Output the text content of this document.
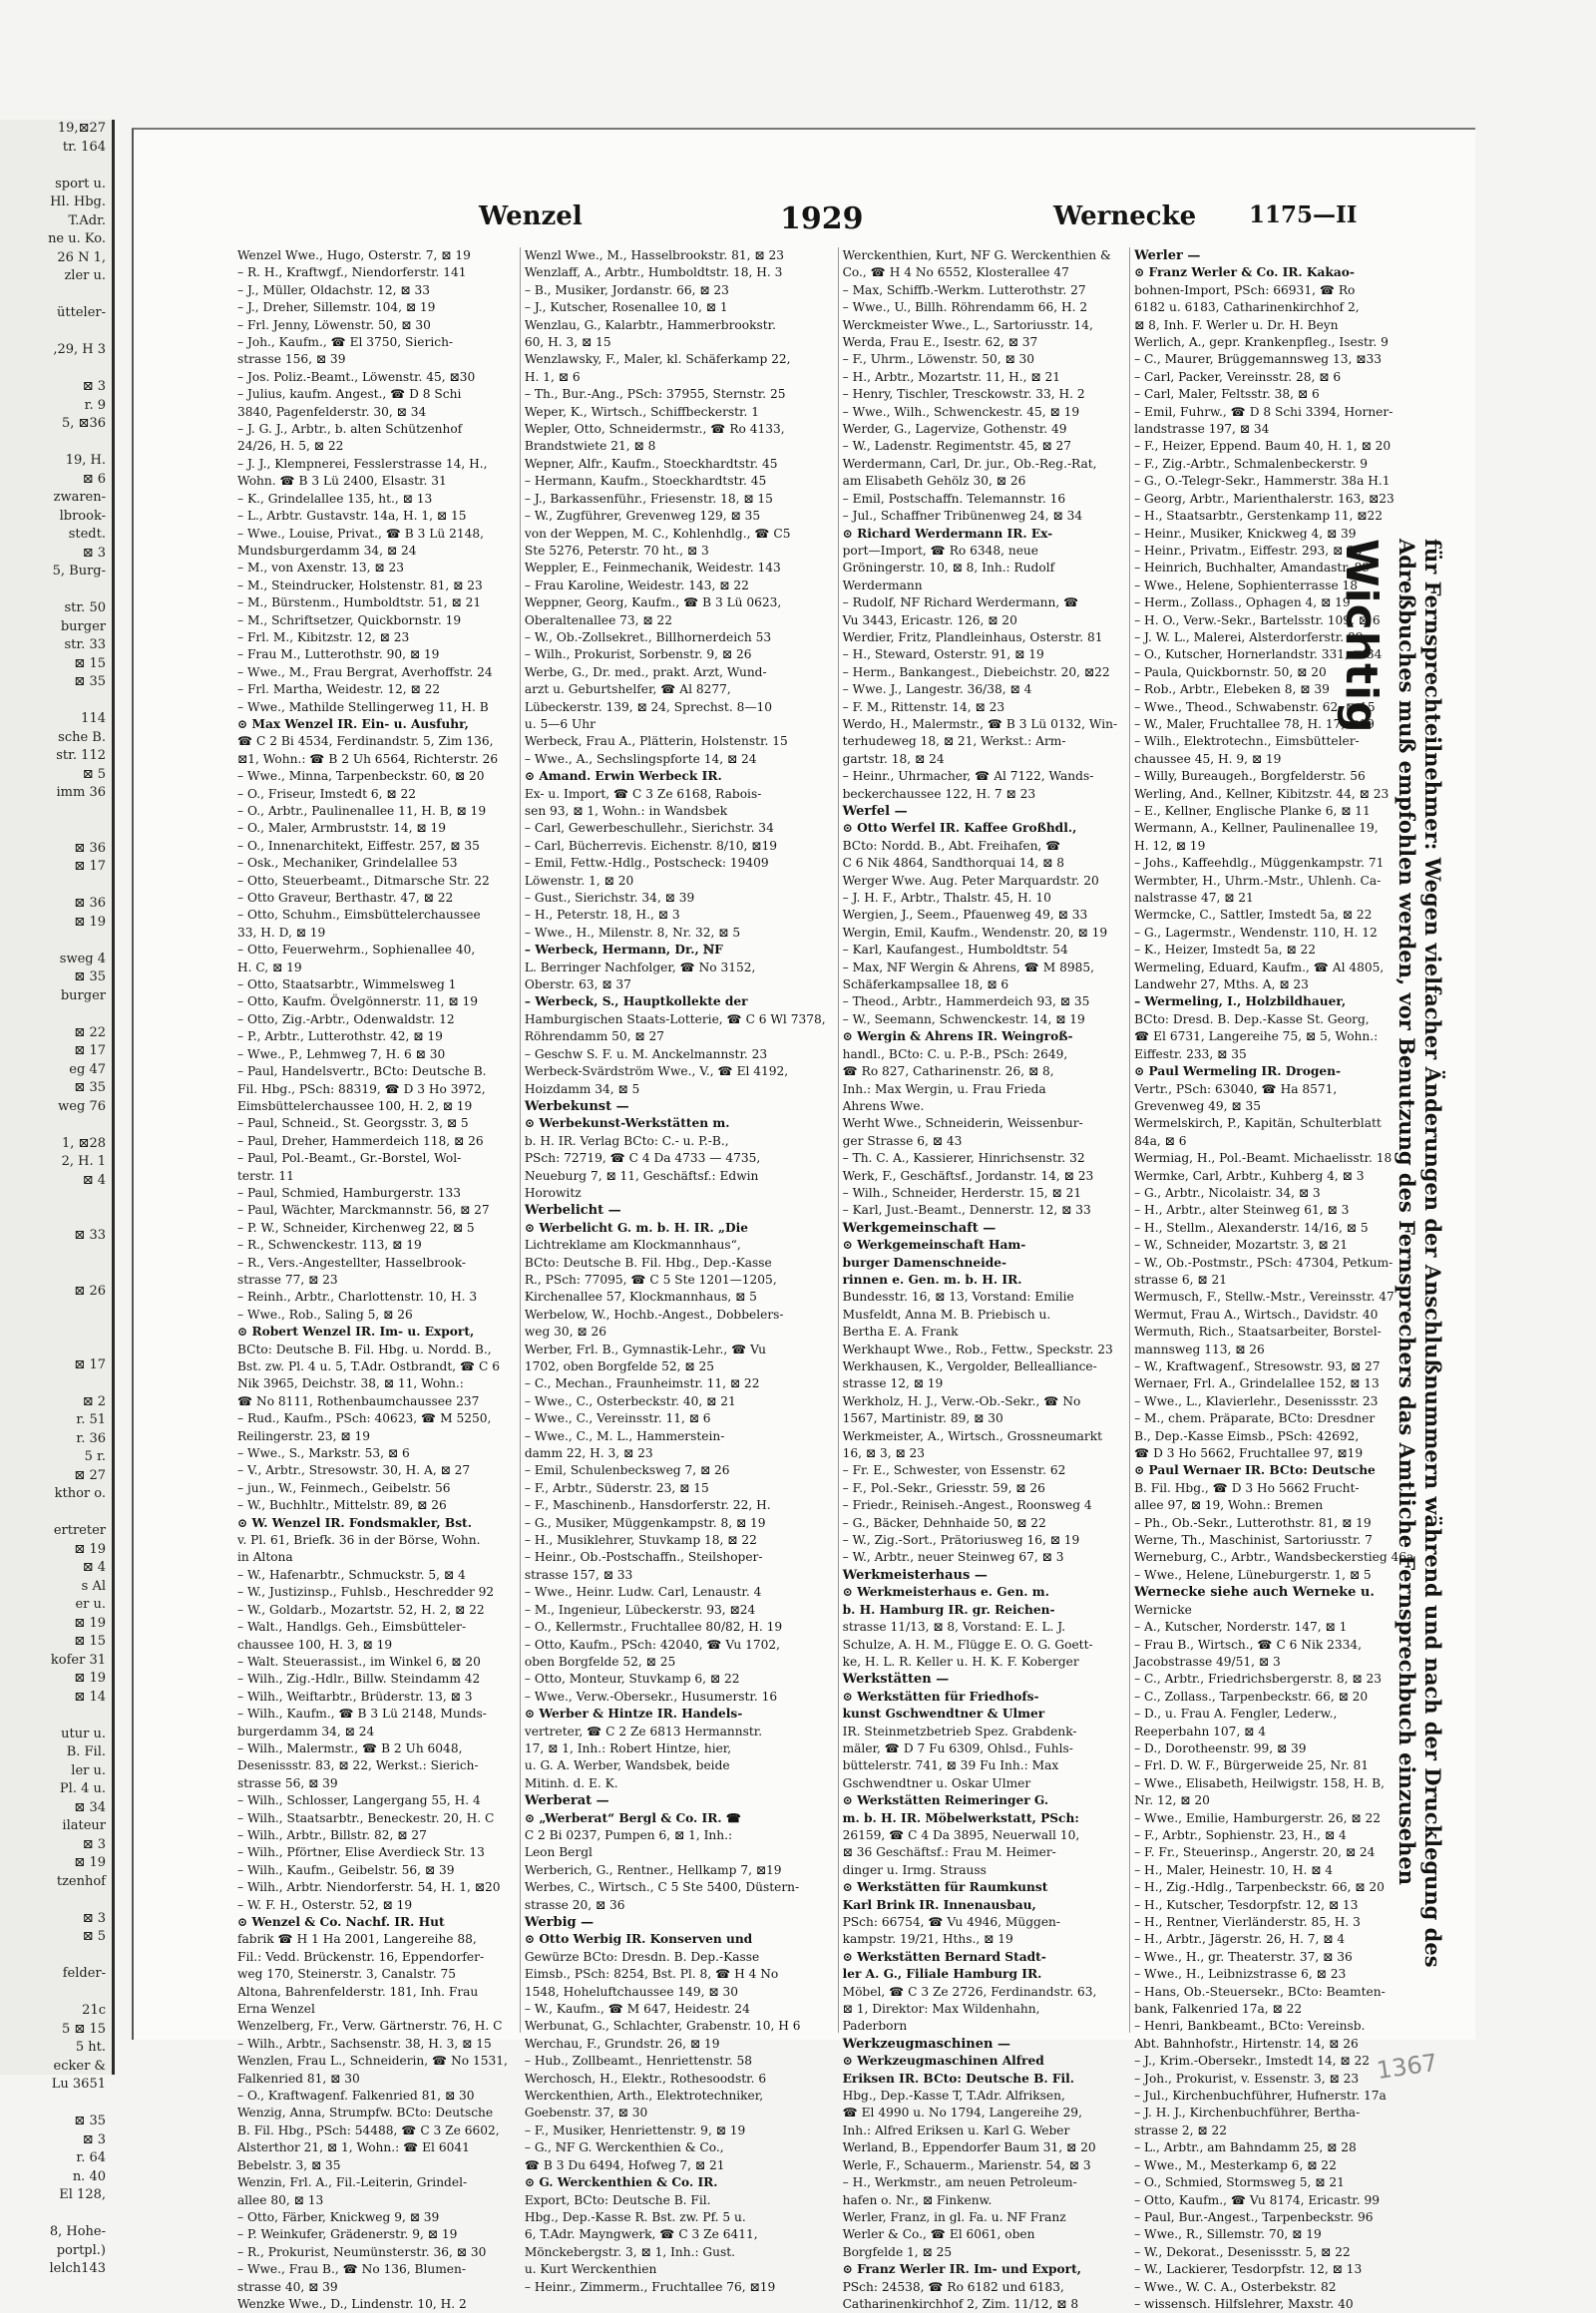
19,⊠27
tr. 164

sport u.
Hl. Hbg.
T.Adr.
ne u. Ko.
26 N 1,
zler u.

ütteler-

,29, H 3

⊠ 3
r. 9
5, ⊠36

19, H.
⊠ 6
zwaren-
lbrook-
stedt.
⊠ 3
5, Burg-

str. 50
burger
str. 33
⊠ 15
⊠ 35

114
sche B.
str. 112
⊠ 5
imm 36

⊠ 36
⊠ 17

⊠ 36
⊠ 19

sweg 4
⊠ 35
burger

⊠ 22
⊠ 17
eg 47
⊠ 35
weg 76

1, ⊠28
2, H. 1
⊠ 4

⊠ 33

⊠ 26

⊠ 17

⊠ 2
r. 51
r. 36
5 r.
⊠ 27
kthor o.

ertreter
⊠ 19
⊠ 4
s Al
er u.
⊠ 19
⊠ 15
kofer 31
⊠ 19
⊠ 14

utur u.
B. Fil.
ler u.
Pl. 4 u.
⊠ 34
ilateur
⊠ 3
⊠ 19
tzenhof

⊠ 3
⊠ 5

felder-

21c
5 ⊠ 15
5 ht.
ecker &
Lu 3651

⊠ 35
⊠ 3
r. 64
n. 40
El 128,

8, Hohe-
portpl.)
lelch143
Wenzel	1929	Wernecke 1175—II
Wenzel Wwe., Hugo, Osterstr. 7, ⊠ 19
– R. H., Kraftwgf., Niendorferstr. 141
– J., Müller, Oldachstr. 12, ⊠ 33
– J., Dreher, Sillemstr. 104, ⊠ 19
– Frl. Jenny, Löwenstr. 50, ⊠ 30
– Joh., Kaufm., ☎ El 3750, Sierich-
strasse 156, ⊠ 39
– Jos. Poliz.-Beamt., Löwenstr. 45, ⊠30
– Julius, kaufm. Angest., ☎ D 8 Schi
3840, Pagenfelderstr. 30, ⊠ 34
– J. G. J., Arbtr., b. alten Schützenhof
24/26, H. 5, ⊠ 22
– J. J., Klempnerei, Fesslerstrasse 14, H.,
Wohn. ☎ B 3 Lü 2400, Elsastr. 31
– K., Grindelallee 135, ht., ⊠ 13
– L., Arbtr. Gustavstr. 14a, H. 1, ⊠ 15
– Wwe., Louise, Privat., ☎ B 3 Lü 2148,
Mundsburgerdamm 34, ⊠ 24
– M., von Axenstr. 13, ⊠ 23
– M., Steindrucker, Holstenstr. 81, ⊠ 23
– M., Bürstenm., Humboldtstr. 51, ⊠ 21
– M., Schriftsetzer, Quickbornstr. 19
– Frl. M., Kibitzstr. 12, ⊠ 23
– Frau M., Lutterothstr. 90, ⊠ 19
– Wwe., M., Frau Bergrat, Averhoffstr. 24
– Frl. Martha, Weidestr. 12, ⊠ 22
– Wwe., Mathilde Stellingerweg 11, H. B
⊙ Max Wenzel IR. Ein- u. Ausfuhr,
☎ C 2 Bi 4534, Ferdinandstr. 5, Zim 136,
⊠1, Wohn.: ☎ B 2 Uh 6564, Richterstr. 26
– Wwe., Minna, Tarpenbeckstr. 60, ⊠ 20
– O., Friseur, Imstedt 6, ⊠ 22
– O., Arbtr., Paulinenallee 11, H. B, ⊠ 19
– O., Maler, Armbruststr. 14, ⊠ 19
– O., Innenarchitekt, Eiffestr. 257, ⊠ 35
– Osk., Mechaniker, Grindelallee 53
– Otto, Steuerbeamt., Ditmarsche Str. 22
– Otto Graveur, Berthastr. 47, ⊠ 22
– Otto, Schuhm., Eimsbüttelerchaussee
33, H. D, ⊠ 19
– Otto, Feuerwehrm., Sophienallee 40,
H. C, ⊠ 19
– Otto, Staatsarbtr., Wimmelsweg 1
– Otto, Kaufm. Övelgönnerstr. 11, ⊠ 19
– Otto, Zig.-Arbtr., Odenwaldstr. 12
– P., Arbtr., Lutterothstr. 42, ⊠ 19
– Wwe., P., Lehmweg 7, H. 6 ⊠ 30
– Paul, Handelsvertr., BCto: Deutsche B.
Fil. Hbg., PSch: 88319, ☎ D 3 Ho 3972,
Eimsbüttelerchaussee 100, H. 2, ⊠ 19
– Paul, Schneid., St. Georgsstr. 3, ⊠ 5
– Paul, Dreher, Hammerdeich 118, ⊠ 26
– Paul, Pol.-Beamt., Gr.-Borstel, Wol-
terstr. 11
– Paul, Schmied, Hamburgerstr. 133
– Paul, Wächter, Marckmannstr. 56, ⊠ 27
– P. W., Schneider, Kirchenweg 22, ⊠ 5
– R., Schwenckestr. 113, ⊠ 19
– R., Vers.-Angestellter, Hasselbrook-
strasse 77, ⊠ 23
– Reinh., Arbtr., Charlottenstr. 10, H. 3
– Wwe., Rob., Saling 5, ⊠ 26
⊙ Robert Wenzel IR. Im- u. Export,
BCto: Deutsche B. Fil. Hbg. u. Nordd. B.,
Bst. zw. Pl. 4 u. 5, T.Adr. Ostbrandt, ☎ C 6
Nik 3965, Deichstr. 38, ⊠ 11, Wohn.:
☎ No 8111, Rothenbaumchaussee 237
– Rud., Kaufm., PSch: 40623, ☎ M 5250,
Reilingerstr. 23, ⊠ 19
– Wwe., S., Markstr. 53, ⊠ 6
– V., Arbtr., Stresowstr. 30, H. A, ⊠ 27
– jun., W., Feinmech., Geibelstr. 56
– W., Buchhltr., Mittelstr. 89, ⊠ 26
⊙ W. Wenzel IR. Fondsmakler, Bst.
v. Pl. 61, Briefk. 36 in der Börse, Wohn.
in Altona
– W., Hafenarbtr., Schmuckstr. 5, ⊠ 4
– W., Justizinsp., Fuhlsb., Heschredder 92
– W., Goldarb., Mozartstr. 52, H. 2, ⊠ 22
– Walt., Handlgs. Geh., Eimsbütteler-
chaussee 100, H. 3, ⊠ 19
– Walt. Steuerassist., im Winkel 6, ⊠ 20
– Wilh., Zig.-Hdlr., Billw. Steindamm 42
– Wilh., Weiftarbtr., Brüderstr. 13, ⊠ 3
– Wilh., Kaufm., ☎ B 3 Lü 2148, Munds-
burgerdamm 34, ⊠ 24
– Wilh., Malermstr., ☎ B 2 Uh 6048,
Desenissstr. 83, ⊠ 22, Werkst.: Sierich-
strasse 56, ⊠ 39
– Wilh., Schlosser, Langergang 55, H. 4
– Wilh., Staatsarbtr., Beneckestr. 20, H. C
– Wilh., Arbtr., Billstr. 82, ⊠ 27
– Wilh., Pförtner, Elise Averdieck Str. 13
– Wilh., Kaufm., Geibelstr. 56, ⊠ 39
– Wilh., Arbtr. Niendorferstr. 54, H. 1, ⊠20
– W. F. H., Osterstr. 52, ⊠ 19
⊙ Wenzel & Co. Nachf. IR. Hut
fabrik ☎ H 1 Ha 2001, Langereihe 88,
Fil.: Vedd. Brückenstr. 16, Eppendorfer-
weg 170, Steinerstr. 3, Canalstr. 75
Altona, Bahrenfelderstr. 181, Inh. Frau
Erna Wenzel
Wenzelberg, Fr., Verw. Gärtnerstr. 76, H. C
– Wilh., Arbtr., Sachsenstr. 38, H. 3, ⊠ 15
Wenzlen, Frau L., Schneiderin, ☎ No 1531,
Falkenried 81, ⊠ 30
– O., Kraftwagenf. Falkenried 81, ⊠ 30
Wenzig, Anna, Strumpfw. BCto: Deutsche
B. Fil. Hbg., PSch: 54488, ☎ C 3 Ze 6602,
Alsterthor 21, ⊠ 1, Wohn.: ☎ El 6041
Bebelstr. 3, ⊠ 35
Wenzin, Frl. A., Fil.-Leiterin, Grindel-
allee 80, ⊠ 13
– Otto, Färber, Knickweg 9, ⊠ 39
– P. Weinkufer, Grädenerstr. 9, ⊠ 19
– R., Prokurist, Neumünsterstr. 36, ⊠ 30
– Wwe., Frau B., ☎ No 136, Blumen-
strasse 40, ⊠ 39
Wenzke Wwe., D., Lindenstr. 10, H. 2
Wenzl Wwe., M., Hasselbrookstr. 81, ⊠ 23
Wenzlaff, A., Arbtr., Humboldtstr. 18, H. 3
– B., Musiker, Jordanstr. 66, ⊠ 23
– J., Kutscher, Rosenallee 10, ⊠ 1
Wenzlau, G., Kalarbtr., Hammerbrookstr.
60, H. 3, ⊠ 15
Wenzlawsky, F., Maler, kl. Schäferkamp 22,
H. 1, ⊠ 6
– Th., Bur.-Ang., PSch: 37955, Sternstr. 25
Weper, K., Wirtsch., Schiffbeckerstr. 1
Wepler, Otto, Schneidermstr., ☎ Ro 4133,
Brandstwiete 21, ⊠ 8
Wepner, Alfr., Kaufm., Stoeckhardtstr. 45
– Hermann, Kaufm., Stoeckhardtstr. 45
– J., Barkassenführ., Friesenstr. 18, ⊠ 15
– W., Zugführer, Grevenweg 129, ⊠ 35
von der Weppen, M. C., Kohlenhdlg., ☎ C5
Ste 5276, Peterstr. 70 ht., ⊠ 3
Weppler, E., Feinmechanik, Weidestr. 143
– Frau Karoline, Weidestr. 143, ⊠ 22
Weppner, Georg, Kaufm., ☎ B 3 Lü 0623,
Oberaltenallee 73, ⊠ 22
– W., Ob.-Zollsekret., Billhornerdeich 53
– Wilh., Prokurist, Sorbenstr. 9, ⊠ 26
Werbe, G., Dr. med., prakt. Arzt, Wund-
arzt u. Geburtshelfer, ☎ Al 8277,
Lübeckerstr. 139, ⊠ 24, Sprechst. 8—10
u. 5—6 Uhr
Werbeck, Frau A., Plätterin, Holstenstr. 15
– Wwe., A., Sechslingspforte 14, ⊠ 24
⊙ Amand. Erwin Werbeck IR.
Ex- u. Import, ☎ C 3 Ze 6168, Rabois-
sen 93, ⊠ 1, Wohn.: in Wandsbek
– Carl, Gewerbeschullehr., Sierichstr. 34
– Carl, Bücherrevis. Eichenstr. 8/10, ⊠19
– Emil, Fettw.-Hdlg., Postscheck: 19409
Löwenstr. 1, ⊠ 20
– Gust., Sierichstr. 34, ⊠ 39
– H., Peterstr. 18, H., ⊠ 3
– Wwe., H., Milenstr. 8, Nr. 32, ⊠ 5
– Werbeck, Hermann, Dr., ℕF
L. Berringer Nachfolger, ☎ No 3152,
Oberstr. 63, ⊠ 37
– Werbeck, S., Hauptkollekte der
Hamburgischen Staats-Lotterie, ☎ C 6 Wl 7378,
Röhrendamm 50, ⊠ 27
– Geschw S. F. u. M. Anckelmannstr. 23
Werbeck-Svärdström Wwe., V., ☎ El 4192,
Hoizdamm 34, ⊠ 5
Werbekunst —
⊙ Werbekunst-Werkstätten m.
b. H. IR. Verlag BCto: C.- u. P.-B.,
PSch: 72719, ☎ C 4 Da 4733 — 4735,
Neueburg 7, ⊠ 11, Geschäftsf.: Edwin
Horowitz
Werbelicht —
⊙ Werbelicht G. m. b. H. IR. „Die
Lichtreklame am Klockmannhaus“,
BCto: Deutsche B. Fil. Hbg., Dep.-Kasse
R., PSch: 77095, ☎ C 5 Ste 1201—1205,
Kirchenallee 57, Klockmannhaus, ⊠ 5
Werbelow, W., Hochb.-Angest., Dobbelers-
weg 30, ⊠ 26
Werber, Frl. B., Gymnastik-Lehr., ☎ Vu
1702, oben Borgfelde 52, ⊠ 25
– C., Mechan., Fraunheimstr. 11, ⊠ 22
– Wwe., C., Osterbeckstr. 40, ⊠ 21
– Wwe., C., Vereinsstr. 11, ⊠ 6
– Wwe., C., M. L., Hammerstein-
damm 22, H. 3, ⊠ 23
– Emil, Schulenbecksweg 7, ⊠ 26
– F., Arbtr., Süderstr. 23, ⊠ 15
– F., Maschinenb., Hansdorferstr. 22, H.
– G., Musiker, Müggenkampstr. 8, ⊠ 19
– H., Musiklehrer, Stuvkamp 18, ⊠ 22
– Heinr., Ob.-Postschaffn., Steilshoper-
strasse 157, ⊠ 33
– Wwe., Heinr. Ludw. Carl, Lenaustr. 4
– M., Ingenieur, Lübeckerstr. 93, ⊠24
– O., Kellermstr., Fruchtallee 80/82, H. 19
– Otto, Kaufm., PSch: 42040, ☎ Vu 1702,
oben Borgfelde 52, ⊠ 25
– Otto, Monteur, Stuvkamp 6, ⊠ 22
– Wwe., Verw.-Obersekr., Husumerstr. 16
⊙ Werber & Hintze IR. Handels-
vertreter, ☎ C 2 Ze 6813 Hermannstr.
17, ⊠ 1, Inh.: Robert Hintze, hier,
u. G. A. Werber, Wandsbek, beide
Mitinh. d. E. K.
Werberat —
⊙ „Werberat“ Bergl & Co. IR. ☎
C 2 Bi 0237, Pumpen 6, ⊠ 1, Inh.:
Leon Bergl
Werberich, G., Rentner., Hellkamp 7, ⊠19
Werbes, C., Wirtsch., C 5 Ste 5400, Düstern-
strasse 20, ⊠ 36
Werbig —
⊙ Otto Werbig IR. Konserven und
Gewürze BCto: Dresdn. B. Dep.-Kasse
Eimsb., PSch: 8254, Bst. Pl. 8, ☎ H 4 No
1548, Hoheluftchaussee 149, ⊠ 30
– W., Kaufm., ☎ M 647, Heidestr. 24
Werbunat, G., Schlachter, Grabenstr. 10, H 6
Werchau, F., Grundstr. 26, ⊠ 19
– Hub., Zollbeamt., Henriettenstr. 58
Werchosch, H., Elektr., Rothesoodstr. 6
Werckenthien, Arth., Elektrotechniker,
Goebenstr. 37, ⊠ 30
– F., Musiker, Henriettenstr. 9, ⊠ 19
– G., ℕF G. Werckenthien & Co.,
☎ B 3 Du 6494, Hofweg 7, ⊠ 21
⊙ G. Werckenthien & Co. IR.
Export, BCto: Deutsche B. Fil.
Hbg., Dep.-Kasse R. Bst. zw. Pf. 5 u.
6, T.Adr. Mayngwerk, ☎ C 3 Ze 6411,
Mönckebergstr. 3, ⊠ 1, Inh.: Gust.
u. Kurt Werckenthien
– Heinr., Zimmerm., Fruchtallee 76, ⊠19
Werckenthien, Kurt, ℕF G. Werckenthien &
Co., ☎ H 4 No 6552, Klosterallee 47
– Max, Schiffb.-Werkm. Lutterothstr. 27
– Wwe., U., Billh. Röhrendamm 66, H. 2
Werckmeister Wwe., L., Sartoriusstr. 14,
Werda, Frau E., Isestr. 62, ⊠ 37
– F., Uhrm., Löwenstr. 50, ⊠ 30
– H., Arbtr., Mozartstr. 11, H., ⊠ 21
– Henry, Tischler, Tresckowstr. 33, H. 2
– Wwe., Wilh., Schwenckestr. 45, ⊠ 19
Werder, G., Lagervize, Gothenstr. 49
– W., Ladenstr. Regimentstr. 45, ⊠ 27
Werdermann, Carl, Dr. jur., Ob.-Reg.-Rat,
am Elisabeth Gehölz 30, ⊠ 26
– Emil, Postschaffn. Telemannstr. 16
– Jul., Schaffner Tribünenweg 24, ⊠ 34
⊙ Richard Werdermann IR. Ex-
port—Import, ☎ Ro 6348, neue
Gröningerstr. 10, ⊠ 8, Inh.: Rudolf
Werdermann
– Rudolf, ℕF Richard Werdermann, ☎
Vu 3443, Ericastr. 126, ⊠ 20
Werdier, Fritz, Plandleinhaus, Osterstr. 81
– H., Steward, Osterstr. 91, ⊠ 19
– Herm., Bankangest., Diebeichstr. 20, ⊠22
– Wwe. J., Langestr. 36/38, ⊠ 4
– F. M., Rittenstr. 14, ⊠ 23
Werdo, H., Malermstr., ☎ B 3 Lü 0132, Win-
terhudeweg 18, ⊠ 21, Werkst.: Arm-
gartstr. 18, ⊠ 24
– Heinr., Uhrmacher, ☎ Al 7122, Wands-
beckerchaussee 122, H. 7 ⊠ 23
Werfel —
⊙ Otto Werfel IR. Kaffee Großhdl.,
BCto: Nordd. B., Abt. Freihafen, ☎
C 6 Nik 4864, Sandthorquai 14, ⊠ 8
Werger Wwe. Aug. Peter Marquardstr. 20
– J. H. F., Arbtr., Thalstr. 45, H. 10
Wergien, J., Seem., Pfauenweg 49, ⊠ 33
Wergin, Emil, Kaufm., Wendenstr. 20, ⊠ 19
– Karl, Kaufangest., Humboldtstr. 54
– Max, ℕF Wergin & Ahrens, ☎ M 8985,
Schäferkampsallee 18, ⊠ 6
– Theod., Arbtr., Hammerdeich 93, ⊠ 35
– W., Seemann, Schwenckestr. 14, ⊠ 19
⊙ Wergin & Ahrens IR. Weingroß-
handl., BCto: C. u. P.-B., PSch: 2649,
☎ Ro 827, Catharinenstr. 26, ⊠ 8,
Inh.: Max Wergin, u. Frau Frieda
Ahrens Wwe.
Werht Wwe., Schneiderin, Weissenbur-
ger Strasse 6, ⊠ 43
– Th. C. A., Kassierer, Hinrichsenstr. 32
Werk, F., Geschäftsf., Jordanstr. 14, ⊠ 23
– Wilh., Schneider, Herderstr. 15, ⊠ 21
– Karl, Just.-Beamt., Dennerstr. 12, ⊠ 33
Werkgemeinschaft —
⊙ Werkgemeinschaft Ham-
burger Damenschneide-
rinnen e. Gen. m. b. H. IR.
Bundesstr. 16, ⊠ 13, Vorstand: Emilie
Musfeldt, Anna M. B. Priebisch u.
Bertha E. A. Frank
Werkhaupt Wwe., Rob., Fettw., Speckstr. 23
Werkhausen, K., Vergolder, Bellealliance-
strasse 12, ⊠ 19
Werkholz, H. J., Verw.-Ob.-Sekr., ☎ No
1567, Martinistr. 89, ⊠ 30
Werkmeister, A., Wirtsch., Grossneumarkt
16, ⊠ 3, ⊠ 23
– Fr. E., Schwester, von Essenstr. 62
– F., Pol.-Sekr., Griesstr. 59, ⊠ 26
– Friedr., Reiniseh.-Angest., Roonsweg 4
– G., Bäcker, Dehnhaide 50, ⊠ 22
– W., Zig.-Sort., Prätoriusweg 16, ⊠ 19
– W., Arbtr., neuer Steinweg 67, ⊠ 3
Werkmeisterhaus —
⊙ Werkmeisterhaus e. Gen. m.
b. H. Hamburg IR. gr. Reichen-
strasse 11/13, ⊠ 8, Vorstand: E. L. J.
Schulze, A. H. M., Flügge E. O. G. Goett-
ke, H. L. R. Keller u. H. K. F. Koberger
Werkstätten —
⊙ Werkstätten für Friedhofs-
kunst Gschwendtner & Ulmer
IR. Steinmetzbetrieb Spez. Grabdenk-
mäler, ☎ D 7 Fu 6309, Ohlsd., Fuhls-
büttelerstr. 741, ⊠ 39 Fu Inh.: Max
Gschwendtner u. Oskar Ulmer
⊙ Werkstätten Reimeringer G.
m. b. H. IR. Möbelwerkstatt, PSch:
26159, ☎ C 4 Da 3895, Neuerwall 10,
⊠ 36 Geschäftsf.: Frau M. Heimer-
dinger u. Irmg. Strauss
⊙ Werkstätten für Raumkunst
Karl Brink IR. Innenausbau,
PSch: 66754, ☎ Vu 4946, Müggen-
kampstr. 19/21, Hths., ⊠ 19
⊙ Werkstätten Bernard Stadt-
ler A. G., Filiale Hamburg IR.
Möbel, ☎ C 3 Ze 2726, Ferdinandstr. 63,
⊠ 1, Direktor: Max Wildenhahn,
Paderborn
Werkzeugmaschinen —
⊙ Werkzeugmaschinen Alfred
Eriksen IR. BCto: Deutsche B. Fil.
Hbg., Dep.-Kasse T, T.Adr. Alfriksen,
☎ El 4990 u. No 1794, Langereihe 29,
Inh.: Alfred Eriksen u. Karl G. Weber
Werland, B., Eppendorfer Baum 31, ⊠ 20
Werle, F., Schauerm., Marienstr. 54, ⊠ 3
– H., Werkmstr., am neuen Petroleum-
hafen o. Nr., ⊠ Finkenw.
Werler, Franz, in gl. Fa. u. ℕF Franz
Werler & Co., ☎ El 6061, oben
Borgfelde 1, ⊠ 25
⊙ Franz Werler IR. Im- und Export,
PSch: 24538, ☎ Ro 6182 und 6183,
Catharinenkirchhof 2, Zim. 11/12, ⊠ 8
Werler —
⊙ Franz Werler & Co. IR. Kakao-
bohnen-Import, PSch: 66931, ☎ Ro
6182 u. 6183, Catharinenkirchhof 2,
⊠ 8, Inh. F. Werler u. Dr. H. Beyn
Werlich, A., gepr. Krankenpfleg., Isestr. 9
– C., Maurer, Brüggemannsweg 13, ⊠33
– Carl, Packer, Vereinsstr. 28, ⊠ 6
– Carl, Maler, Feltsstr. 38, ⊠ 6
– Emil, Fuhrw., ☎ D 8 Schi 3394, Horner-
landstrasse 197, ⊠ 34
– F., Heizer, Eppend. Baum 40, H. 1, ⊠ 20
– F., Zig.-Arbtr., Schmalenbeckerstr. 9
– G., O.-Telegr-Sekr., Hammerstr. 38a H.1
– Georg, Arbtr., Marienthalerstr. 163, ⊠23
– H., Staatsarbtr., Gerstenkamp 11, ⊠22
– Heinr., Musiker, Knickweg 4, ⊠ 39
– Heinr., Privatm., Eiffestr. 293, ⊠ 35
– Heinrich, Buchhalter, Amandastr. 89
– Wwe., Helene, Sophienterrasse 18
– Herm., Zollass., Ophagen 4, ⊠ 19
– H. O., Verw.-Sekr., Bartelsstr. 109, ⊠ 6
– J. W. L., Malerei, Alsterdorferstr. 89
– O., Kutscher, Hornerlandstr. 331, ⊠ 34
– Paula, Quickbornstr. 50, ⊠ 20
– Rob., Arbtr., Elebeken 8, ⊠ 39
– Wwe., Theod., Schwabenstr. 62, ⊠ 15
– W., Maler, Fruchtallee 78, H. 17, ⊠19
– Wilh., Elektrotechn., Eimsbütteler-
chaussee 45, H. 9, ⊠ 19
– Willy, Bureaugeh., Borgfelderstr. 56
Werling, And., Kellner, Kibitzstr. 44, ⊠ 23
– E., Kellner, Englische Planke 6, ⊠ 11
Wermann, A., Kellner, Paulinenallee 19,
H. 12, ⊠ 19
– Johs., Kaffeehdlg., Müggenkampstr. 71
Wermbter, H., Uhrm.-Mstr., Uhlenh. Ca-
nalstrasse 47, ⊠ 21
Wermcke, C., Sattler, Imstedt 5a, ⊠ 22
– G., Lagermstr., Wendenstr. 110, H. 12
– K., Heizer, Imstedt 5a, ⊠ 22
Wermeling, Eduard, Kaufm., ☎ Al 4805,
Landwehr 27, Mths. A, ⊠ 23
– Wermeling, I., Holzbildhauer,
BCto: Dresd. B. Dep.-Kasse St. Georg,
☎ El 6731, Langereihe 75, ⊠ 5, Wohn.:
Eiffestr. 233, ⊠ 35
⊙ Paul Wermeling IR. Drogen-
Vertr., PSch: 63040, ☎ Ha 8571,
Grevenweg 49, ⊠ 35
Wermelskirch, P., Kapitän, Schulterblatt
84a, ⊠ 6
Wermiag, H., Pol.-Beamt. Michaelisstr. 18
Wermke, Carl, Arbtr., Kuhberg 4, ⊠ 3
– G., Arbtr., Nicolaistr. 34, ⊠ 3
– H., Arbtr., alter Steinweg 61, ⊠ 3
– H., Stellm., Alexanderstr. 14/16, ⊠ 5
– W., Schneider, Mozartstr. 3, ⊠ 21
– W., Ob.-Postmstr., PSch: 47304, Petkum-
strasse 6, ⊠ 21
Wermusch, F., Stellw.-Mstr., Vereinsstr. 47
Wermut, Frau A., Wirtsch., Davidstr. 40
Wermuth, Rich., Staatsarbeiter, Borstel-
mannsweg 113, ⊠ 26
– W., Kraftwagenf., Stresowstr. 93, ⊠ 27
Wernaer, Frl. A., Grindelallee 152, ⊠ 13
– Wwe., L., Klavierlehr., Desenissstr. 23
– M., chem. Präparate, BCto: Dresdner
B., Dep.-Kasse Eimsb., PSch: 42692,
☎ D 3 Ho 5662, Fruchtallee 97, ⊠19
⊙ Paul Wernaer IR. BCto: Deutsche
B. Fil. Hbg., ☎ D 3 Ho 5662 Frucht-
allee 97, ⊠ 19, Wohn.: Bremen
– Ph., Ob.-Sekr., Lutterothstr. 81, ⊠ 19
Werne, Th., Maschinist, Sartoriusstr. 7
Werneburg, C., Arbtr., Wandsbeckerstieg 46a
– Wwe., Helene, Lüneburgerstr. 1, ⊠ 5
Wernecke siehe auch Werneke u.
Wernicke
– A., Kutscher, Norderstr. 147, ⊠ 1
– Frau B., Wirtsch., ☎ C 6 Nik 2334,
Jacobstrasse 49/51, ⊠ 3
– C., Arbtr., Friedrichsbergerstr. 8, ⊠ 23
– C., Zollass., Tarpenbeckstr. 66, ⊠ 20
– D., u. Frau A. Fengler, Lederw.,
Reeperbahn 107, ⊠ 4
– D., Dorotheenstr. 99, ⊠ 39
– Frl. D. W. F., Bürgerweide 25, Nr. 81
– Wwe., Elisabeth, Heilwigstr. 158, H. B,
Nr. 12, ⊠ 20
– Wwe., Emilie, Hamburgerstr. 26, ⊠ 22
– F., Arbtr., Sophienstr. 23, H., ⊠ 4
– F. Fr., Steuerinsp., Angerstr. 20, ⊠ 24
– H., Maler, Heinestr. 10, H. ⊠ 4
– H., Zig.-Hdlg., Tarpenbeckstr. 66, ⊠ 20
– H., Kutscher, Tesdorpfstr. 12, ⊠ 13
– H., Rentner, Vierländerstr. 85, H. 3
– H., Arbtr., Jägerstr. 26, H. 7, ⊠ 4
– Wwe., H., gr. Theaterstr. 37, ⊠ 36
– Wwe., H., Leibnizstrasse 6, ⊠ 23
– Hans, Ob.-Steuersekr., BCto: Beamten-
bank, Falkenried 17a, ⊠ 22
– Henri, Bankbeamt., BCto: Vereinsb.
Abt. Bahnhofstr., Hirtenstr. 14, ⊠ 26
– J., Krim.-Obersekr., Imstedt 14, ⊠ 22
– Joh., Prokurist, v. Essenstr. 3, ⊠ 23
– Jul., Kirchenbuchführer, Hufnerstr. 17a
– J. H. J., Kirchenbuchführer, Bertha-
strasse 2, ⊠ 22
– L., Arbtr., am Bahndamm 25, ⊠ 28
– Wwe., M., Mesterkamp 6, ⊠ 22
– O., Schmied, Stormsweg 5, ⊠ 21
– Otto, Kaufm., ☎ Vu 8174, Ericastr. 99
– Paul, Bur.-Angest., Tarpenbeckstr. 96
– Wwe., R., Sillemstr. 70, ⊠ 19
– W., Dekorat., Desenissstr. 5, ⊠ 22
– W., Lackierer, Tesdorpfstr. 12, ⊠ 13
– Wwe., W. C. A., Osterbekstr. 82
– wissensch. Hilfslehrer, Maxstr. 40
Wichtig	für Fernsprechteilnehmer: Wegen vielfacher Änderungen der Anschlußnummern während und nach der Drucklegung des Adreßbuches muß empfohlen werden, vor Benutzung des Fernsprechers das Amtliche Fernsprechbuch einzusehen
1367
